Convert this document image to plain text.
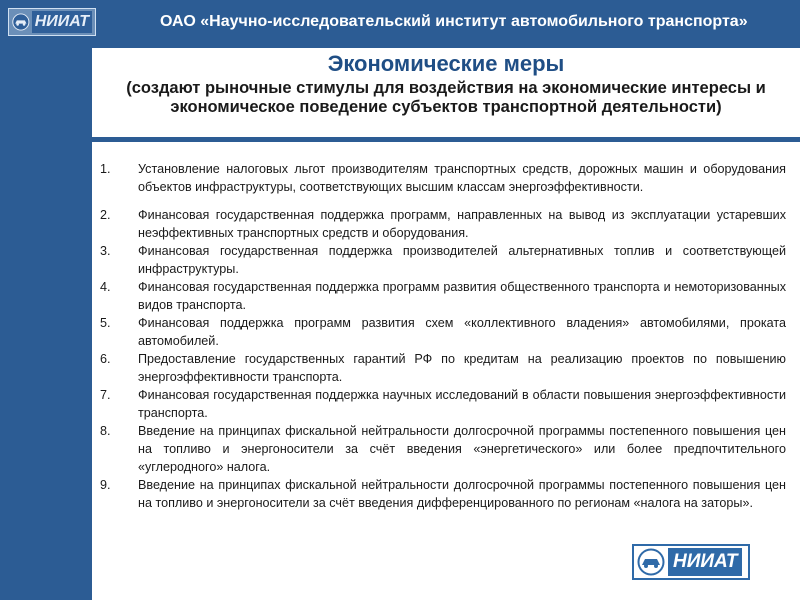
НИИАТ	ОАО «Научно-исследовательский институт автомобильного транспорта»
Экономические меры
(создают рыночные стимулы для воздействия на экономические интересы и экономическое поведение субъектов транспортной деятельности)
1.	Установление налоговых льгот производителям транспортных средств, дорожных машин и оборудования объектов инфраструктуры, соответствующих высшим классам энергоэффективности.
2.	Финансовая государственная поддержка программ, направленных на вывод из эксплуатации устаревших неэффективных транспортных средств и оборудования.
3.	Финансовая государственная поддержка производителей альтернативных топлив и соответствующей инфраструктуры.
4.	Финансовая государственная поддержка программ развития общественного транспорта и немоторизованных видов транспорта.
5.	Финансовая поддержка программ развития схем «коллективного владения» автомобилями, проката автомобилей.
6.	Предоставление государственных гарантий РФ по кредитам на реализацию проектов по повышению энергоэффективности транспорта.
7.	Финансовая государственная поддержка научных исследований в области повышения энергоэффективности транспорта.
8.	Введение на принципах фискальной нейтральности долгосрочной программы постепенного повышения цен на топливо и энергоносители за счёт введения «энергетического» или более предпочтительного «углеродного» налога.
9.	Введение на принципах фискальной нейтральности долгосрочной программы постепенного повышения цен на топливо и энергоносители за счёт введения дифференцированного по регионам «налога на заторы».
НИИАТ
